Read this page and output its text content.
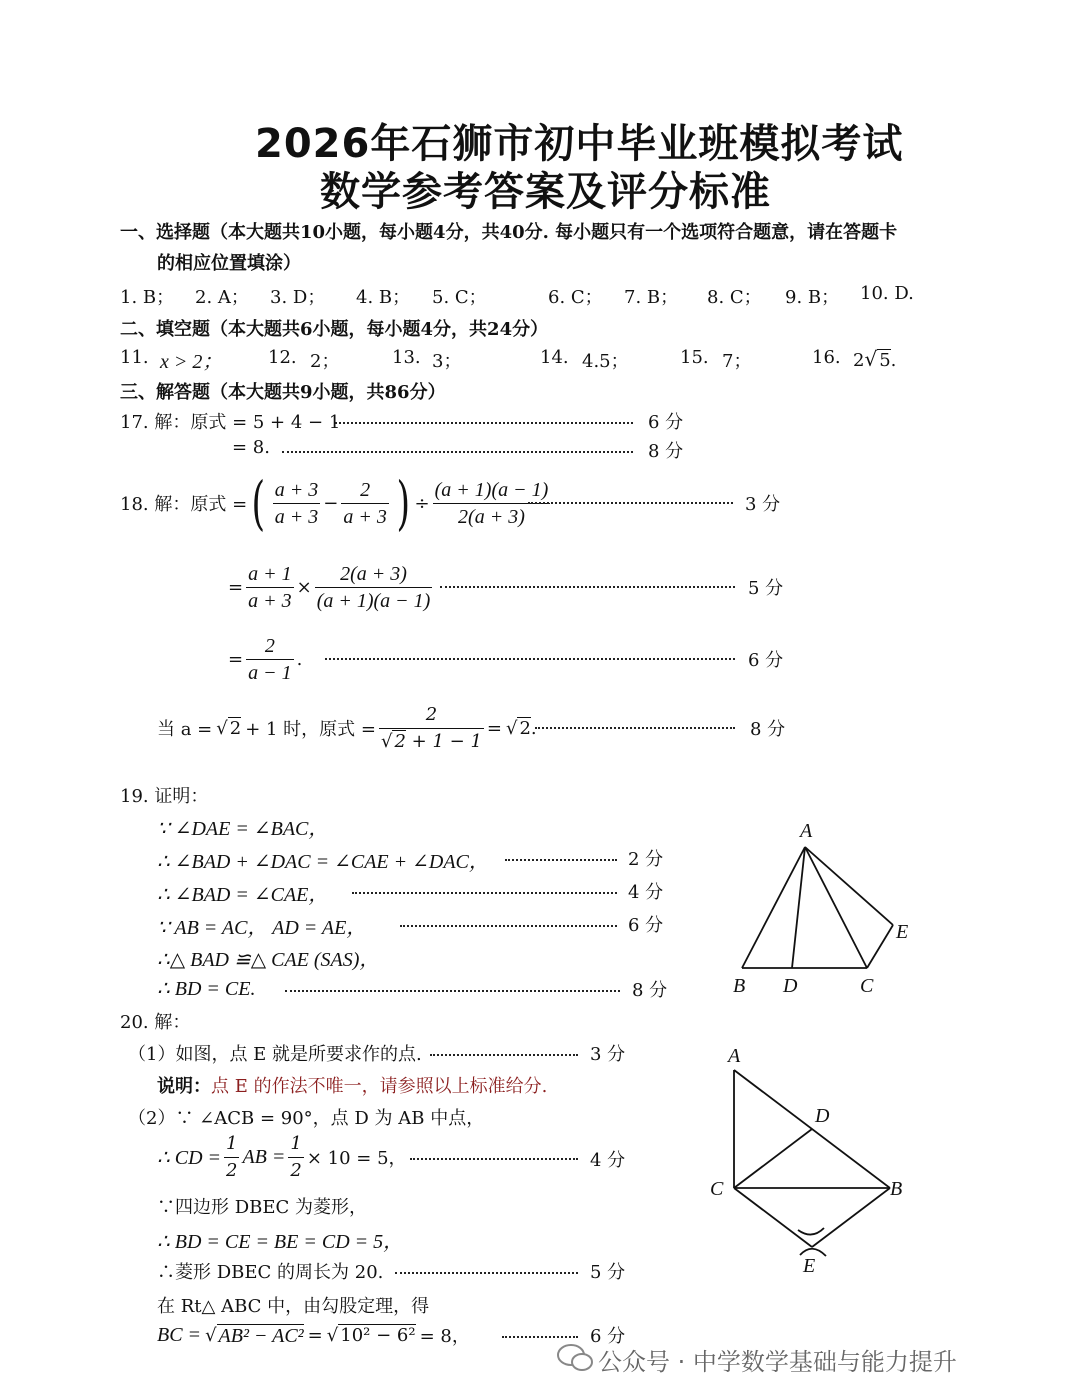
2026年石狮市初中毕业班模拟考试
数学参考答案及评分标准
一、选择题（本大题共10小题，每小题4分，共40分. 每小题只有一个选项符合题意，请在答题卡
的相应位置填涂）
1. B； 2. A； 3. D； 4. B； 5. C；	6. C； 7. B； 8. C； 9. B； 10. D.
二、填空题（本大题共6小题，每小题4分，共24分）
11. x > 2；	12. 2；	13. 3；	14. 4.5；	15. 7；	16. 2√ 5.
三、解答题（本大题共9小题，共86分）
17. 解：原式 = 5 + 4 − 1	6 分
= 8.	8 分
18. 解：原式 = ( $\frac{a + 3}{a + 3} - \frac{2}{a + 3}$ ) ÷ $\frac{(a + 1)(a - 1)}{2(a + 3)}$	3 分
= $\frac{a + 1}{a + 3} \times \frac{2(a + 3)}{(a + 1)(a - 1)}$	5 分
= $\frac{2}{a - 1}$ .	6 分
当 a = √ 2 + 1 时，原式 = $\frac{2}{√ 2 + 1 - 1}$ = √ 2 .	8 分
19. 证明：
∵ ∠DAE = ∠BAC，
∴ ∠BAD + ∠DAC = ∠CAE + ∠DAC，	2 分
∴ ∠BAD = ∠CAE，	4 分
∵ AB = AC， AD = AE，	6 分
∴△ BAD ≌△ CAE (SAS)，
∴ BD = CE.	8 分
A
B D	C
E
20. 解：
（1）如图，点 E 就是所要求作的点.	3 分
说明：点 E 的作法不唯一，请参照以上标准给分.
（2）∵ ∠ACB = 90°，点 D 为 AB 中点，
∴ CD = $\frac{1}{2}$ AB = $\frac{1}{2} \times 10 = 5$，	4 分
∵四边形 DBEC 为菱形，
∴ BD = CE = BE = CD = 5，
∴菱形 DBEC 的周长为 20.	5 分
在 Rt△ ABC 中，由勾股定理，得
BC = √ AB² − AC² = √ 10² − 6² = 8，	6 分
A
D
C	B
E
公众号 · 中学数学基础与能力提升
